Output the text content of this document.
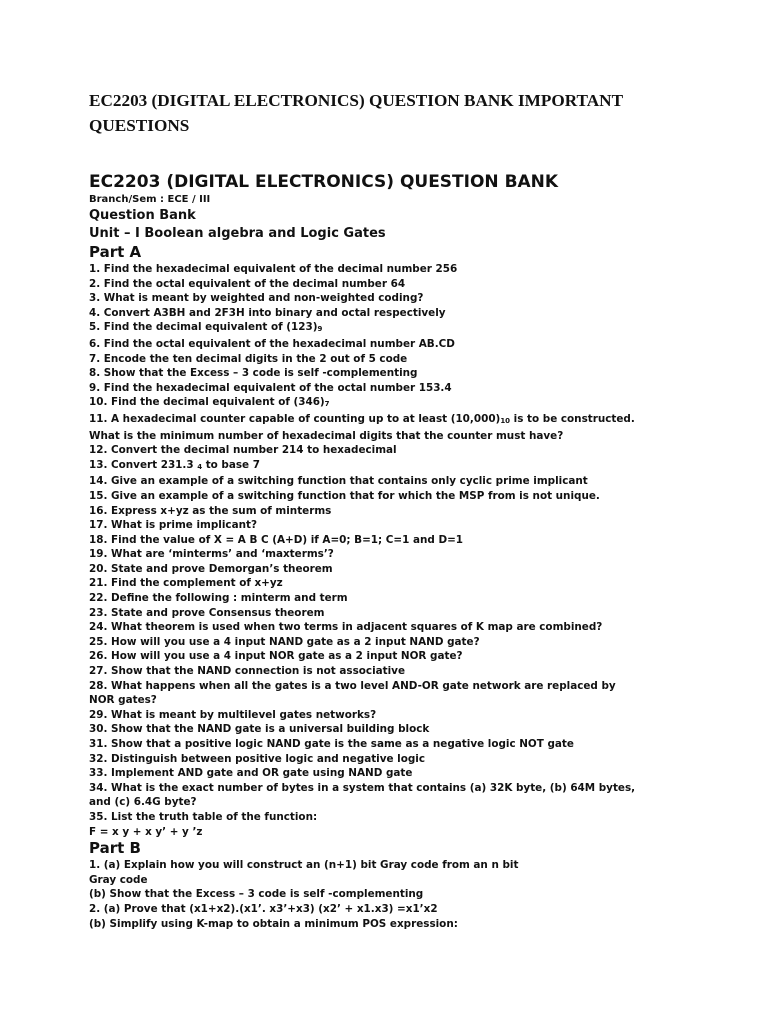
EC2203 (DIGITAL ELECTRONICS) QUESTION BANK IMPORTANT
QUESTIONS
EC2203 (DIGITAL ELECTRONICS) QUESTION BANK
Branch/Sem : ECE / III
Question Bank
Unit – I Boolean algebra and Logic Gates
Part A

1. Find the hexadecimal equivalent of the decimal number 256

2. Find the octal equivalent of the decimal number 64

3. What is meant by weighted and non-weighted coding?

4. Convert A3BH and 2F3H into binary and octal respectively

5. Find the decimal equivalent of (123)9

6. Find the octal equivalent of the hexadecimal number AB.CD

7. Encode the ten decimal digits in the 2 out of 5 code

8. Show that the Excess – 3 code is self -complementing

9. Find the hexadecimal equivalent of the octal number 153.4

10. Find the decimal equivalent of (346)7

11. A hexadecimal counter capable of counting up to at least (10,000)10 is to be constructed.

What is the minimum number of hexadecimal digits that the counter must have?

12. Convert the decimal number 214 to hexadecimal

13. Convert 231.3 4 to base 7

14. Give an example of a switching function that contains only cyclic prime implicant

15. Give an example of a switching function that for which the MSP from is not unique.

16. Express x+yz as the sum of minterms

17. What is prime implicant?

18. Find the value of X = A B C (A+D) if A=0; B=1; C=1 and D=1

19. What are ‘minterms’ and ‘maxterms’?

20. State and prove Demorgan’s theorem

21. Find the complement of x+yz

22. Define the following : minterm and term

23. State and prove Consensus theorem

24. What theorem is used when two terms in adjacent squares of K map are combined?

25. How will you use a 4 input NAND gate as a 2 input NAND gate?

26. How will you use a 4 input NOR gate as a 2 input NOR gate?

27. Show that the NAND connection is not associative

28. What happens when all the gates is a two level AND-OR gate network are replaced by

NOR gates?

29. What is meant by multilevel gates networks?

30. Show that the NAND gate is a universal building block

31. Show that a positive logic NAND gate is the same as a negative logic NOT gate

32. Distinguish between positive logic and negative logic

33. Implement AND gate and OR gate using NAND gate

34. What is the exact number of bytes in a system that contains (a) 32K byte, (b) 64M bytes,

and (c) 6.4G byte?

35. List the truth table of the function:

F = x y + x y’ + y ’z

Part B

1. (a) Explain how you will construct an (n+1) bit Gray code from an n bit

Gray code

(b) Show that the Excess – 3 code is self -complementing

2. (a) Prove that (x1+x2).(x1’. x3’+x3) (x2’ + x1.x3) =x1’x2

(b) Simplify using K-map to obtain a minimum POS expression:
